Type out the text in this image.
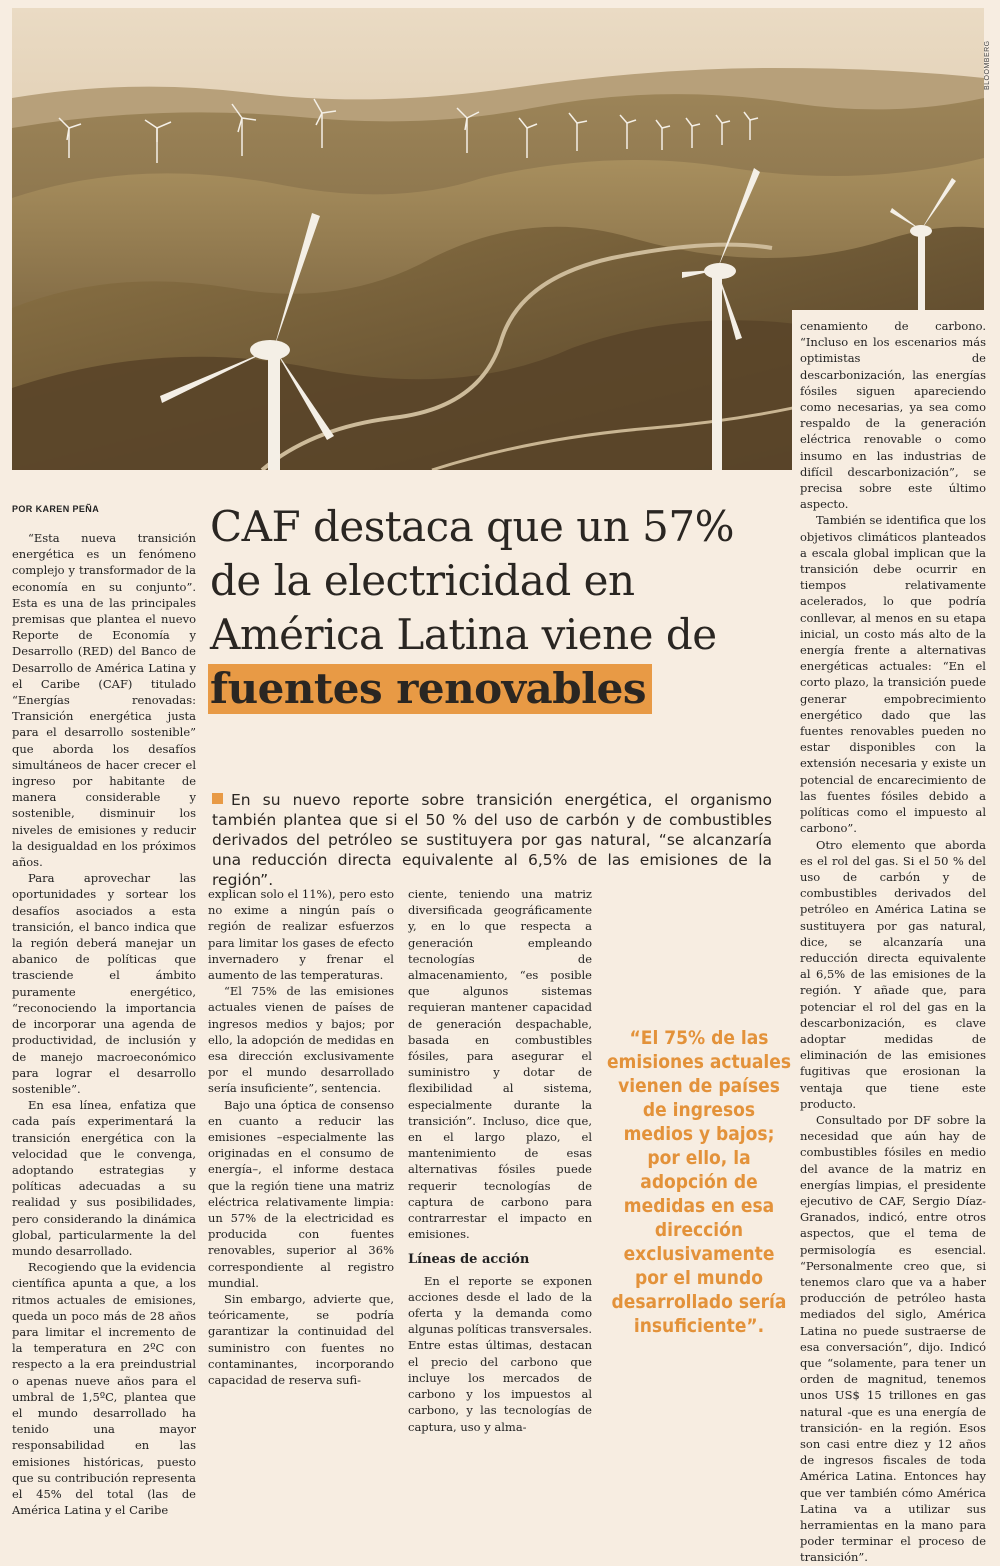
BLOOMBERG
POR KAREN PEÑA	CAF destaca que un 57%
de la electricidad en
América Latina viene de
fuentes renovables
En su nuevo reporte sobre transición energética, el organismo también plantea que si el 50 % del uso de carbón y de combustibles derivados del petróleo se sustituyera por gas natural, “se alcanzaría una reducción directa equivalente al 6,5% de las emisiones de la región”.

“Esta nueva transición energética es un fenómeno complejo y transformador de la economía en su conjunto”. Esta es una de las principales premisas que plantea el nuevo Reporte de Economía y Desarrollo (RED) del Banco de Desarrollo de América Latina y el Caribe (CAF) titulado “Energías renovadas: Transición energética justa para el desarrollo sostenible” que aborda los desafíos simultáneos de hacer crecer el ingreso por habitante de manera considerable y sostenible, disminuir los niveles de emisiones y reducir la desigualdad en los próximos años.

Para aprovechar las oportunidades y sortear los desafíos asociados a esta transición, el banco indica que la región deberá manejar un abanico de políticas que trasciende el ámbito puramente energético, “reconociendo la importancia de incorporar una agenda de productividad, de inclusión y de manejo macroeconómico para lograr el desarrollo sostenible”.

En esa línea, enfatiza que cada país experimentará la transición energética con la velocidad que le convenga, adoptando estrategias y políticas adecuadas a su realidad y sus posibilidades, pero considerando la dinámica global, particularmente la del mundo desarrollado.

Recogiendo que la evidencia científica apunta a que, a los ritmos actuales de emisiones, queda un poco más de 28 años para limitar el incremento de la temperatura en 2ºC con respecto a la era preindustrial o apenas nueve años para el umbral de 1,5ºC, plantea que el mundo desarrollado ha tenido una mayor responsabilidad en las emisiones históricas, puesto que su contribución representa el 45% del total (las de América Latina y el Caribe

explican solo el 11%), pero esto no exime a ningún país o región de realizar esfuerzos para limitar los gases de efecto invernadero y frenar el aumento de las temperaturas.

“El 75% de las emisiones actuales vienen de países de ingresos medios y bajos; por ello, la adopción de medidas en esa dirección exclusivamente por el mundo desarrollado sería insuficiente”, sentencia.

Bajo una óptica de consenso en cuanto a reducir las emisiones –especialmente las originadas en el consumo de energía–, el informe destaca que la región tiene una matriz eléctrica relativamente limpia: un 57% de la electricidad es producida con fuentes renovables, superior al 36% correspondiente al registro mundial.

Sin embargo, advierte que, teóricamente, se podría garantizar la continuidad del suministro con fuentes no contaminantes, incorporando capacidad de reserva sufi-

ciente, teniendo una matriz diversificada geográficamente y, en lo que respecta a generación empleando tecnologías de almacenamiento, “es posible que algunos sistemas requieran mantener capacidad de generación despachable, basada en combustibles fósiles, para asegurar el suministro y dotar de flexibilidad al sistema, especialmente durante la transición”. Incluso, dice que, en el largo plazo, el mantenimiento de esas alternativas fósiles puede requerir tecnologías de captura de carbono para contrarrestar el impacto en emisiones.

Líneas de acción

En el reporte se exponen acciones desde el lado de la oferta y la demanda como algunas políticas transversales. Entre estas últimas, destacan el precio del carbono que incluye los mercados de carbono y los impuestos al carbono, y las tecnologías de captura, uso y alma-

cenamiento de carbono. “Incluso en los escenarios más optimistas de descarbonización, las energías fósiles siguen apareciendo como necesarias, ya sea como respaldo de la generación eléctrica renovable o como insumo en las industrias de difícil descarbonización”, se precisa sobre este último aspecto.

También se identifica que los objetivos climáticos planteados a escala global implican que la transición debe ocurrir en tiempos relativamente acelerados, lo que podría conllevar, al menos en su etapa inicial, un costo más alto de la energía frente a alternativas energéticas actuales: “En el corto plazo, la transición puede generar empobrecimiento energético dado que las fuentes renovables pueden no estar disponibles con la extensión necesaria y existe un potencial de encarecimiento de las fuentes fósiles debido a políticas como el impuesto al carbono”.

Otro elemento que aborda es el rol del gas. Si el 50 % del uso de carbón y de combustibles derivados del petróleo en América Latina se sustituyera por gas natural, dice, se alcanzaría una reducción directa equivalente al 6,5% de las emisiones de la región. Y añade que, para potenciar el rol del gas en la descarbonización, es clave adoptar medidas de eliminación de las emisiones fugitivas que erosionan la ventaja que tiene este producto.

Consultado por DF sobre la necesidad que aún hay de combustibles fósiles en medio del avance de la matriz en energías limpias, el presidente ejecutivo de CAF, Sergio Díaz-Granados, indicó, entre otros aspectos, que el tema de permisología es esencial. “Personalmente creo que, si tenemos claro que va a haber producción de petróleo hasta mediados del siglo, América Latina no puede sustraerse de esa conversación”, dijo. Indicó que “solamente, para tener un orden de magnitud, tenemos unos US$ 15 trillones en gas natural -que es una energía de transición- en la región. Esos son casi entre diez y 12 años de ingresos fiscales de toda América Latina. Entonces hay que ver también cómo América Latina va a utilizar sus herramientas en la mano para poder terminar el proceso de transición”.

“El 75% de las emisiones actuales vienen de países de ingresos medios y bajos; por ello, la adopción de medidas en esa dirección exclusivamente por el mundo desarrollado sería insuficiente”.
